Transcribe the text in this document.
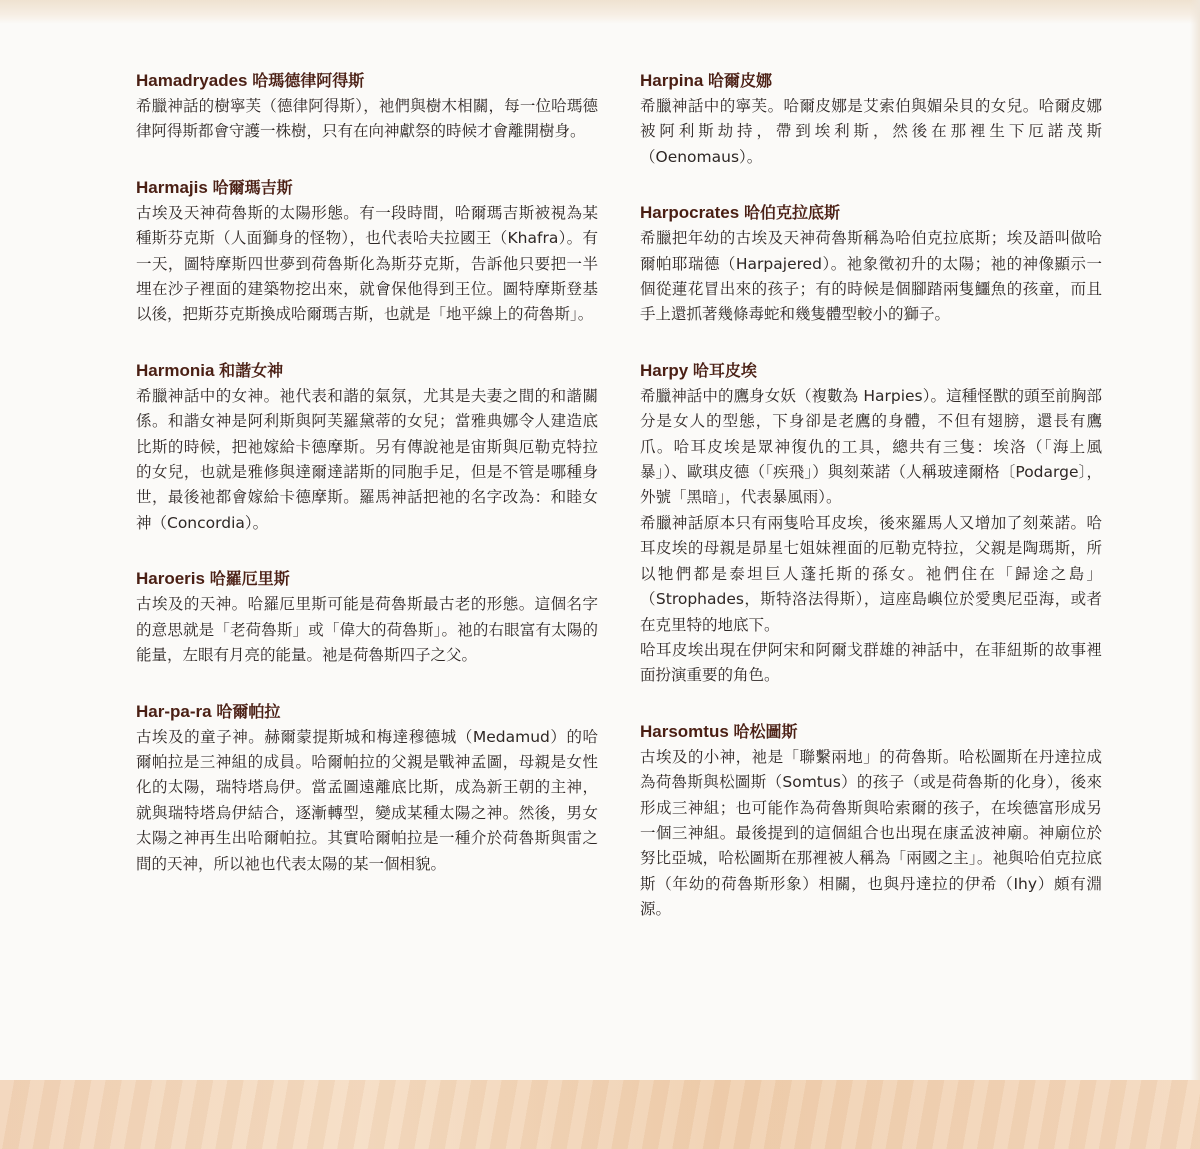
Hamadryades 哈瑪德律阿得斯

希臘神話的樹寧芙（德律阿得斯），祂們與樹木相關，每一位哈瑪德律阿得斯都會守護一株樹，只有在向神獻祭的時候才會離開樹身。

Harmajis 哈爾瑪吉斯

古埃及天神荷魯斯的太陽形態。有一段時間，哈爾瑪吉斯被視為某種斯芬克斯（人面獅身的怪物），也代表哈夫拉國王（Khafra）。有一天，圖特摩斯四世夢到荷魯斯化為斯芬克斯，告訴他只要把一半埋在沙子裡面的建築物挖出來，就會保他得到王位。圖特摩斯登基以後，把斯芬克斯換成哈爾瑪吉斯，也就是「地平線上的荷魯斯」。

Harmonia 和諧女神

希臘神話中的女神。祂代表和諧的氣氛，尤其是夫妻之間的和諧關係。和諧女神是阿利斯與阿芙羅黛蒂的女兒；當雅典娜令人建造底比斯的時候，把祂嫁給卡德摩斯。另有傳說祂是宙斯與厄勒克特拉的女兒，也就是雅修與達爾達諾斯的同胞手足，但是不管是哪種身世，最後祂都會嫁給卡德摩斯。羅馬神話把祂的名字改為：和睦女神（Concordia）。

Haroeris 哈羅厄里斯

古埃及的天神。哈羅厄里斯可能是荷魯斯最古老的形態。這個名字的意思就是「老荷魯斯」或「偉大的荷魯斯」。祂的右眼富有太陽的能量，左眼有月亮的能量。祂是荷魯斯四子之父。

Har-pa-ra 哈爾帕拉

古埃及的童子神。赫爾蒙提斯城和梅達穆德城（Medamud）的哈爾帕拉是三神組的成員。哈爾帕拉的父親是戰神孟圖，母親是女性化的太陽，瑞特塔烏伊。當孟圖遠離底比斯，成為新王朝的主神，就與瑞特塔烏伊結合，逐漸轉型，變成某種太陽之神。然後，男女太陽之神再生出哈爾帕拉。其實哈爾帕拉是一種介於荷魯斯與雷之間的天神，所以祂也代表太陽的某一個相貌。

Harpina 哈爾皮娜

希臘神話中的寧芙。哈爾皮娜是艾索伯與媚朵貝的女兒。哈爾皮娜被阿利斯劫持，帶到埃利斯，然後在那裡生下厄諾茂斯（Oenomaus）。

Harpocrates 哈伯克拉底斯

希臘把年幼的古埃及天神荷魯斯稱為哈伯克拉底斯；埃及語叫做哈爾帕耶瑞德（Harpajered）。祂象徵初升的太陽；祂的神像顯示一個從蓮花冒出來的孩子；有的時候是個腳踏兩隻鱷魚的孩童，而且手上還抓著幾條毒蛇和幾隻體型較小的獅子。

Harpy 哈耳皮埃

希臘神話中的鷹身女妖（複數為 Harpies）。這種怪獸的頭至前胸部分是女人的型態，下身卻是老鷹的身體，不但有翅膀，還長有鷹爪。哈耳皮埃是眾神復仇的工具，總共有三隻：埃洛（「海上風暴」）、歐琪皮德（「疾飛」）與刻萊諾（人稱玻達爾格〔Podarge〕，外號「黑暗」，代表暴風雨）。

希臘神話原本只有兩隻哈耳皮埃，後來羅馬人又增加了刻萊諾。哈耳皮埃的母親是昴星七姐妹裡面的厄勒克特拉，父親是陶瑪斯，所以牠們都是泰坦巨人蓬托斯的孫女。祂們住在「歸途之島」（Strophades，斯特洛法得斯），這座島嶼位於愛奧尼亞海，或者在克里特的地底下。

哈耳皮埃出現在伊阿宋和阿爾戈群雄的神話中，在菲紐斯的故事裡面扮演重要的角色。

Harsomtus 哈松圖斯

古埃及的小神，祂是「聯繫兩地」的荷魯斯。哈松圖斯在丹達拉成為荷魯斯與松圖斯（Somtus）的孩子（或是荷魯斯的化身），後來形成三神組；也可能作為荷魯斯與哈索爾的孩子，在埃德富形成另一個三神組。最後提到的這個組合也出現在康孟波神廟。神廟位於努比亞城，哈松圖斯在那裡被人稱為「兩國之主」。祂與哈伯克拉底斯（年幼的荷魯斯形象）相關，也與丹達拉的伊希（Ihy）頗有淵源。
